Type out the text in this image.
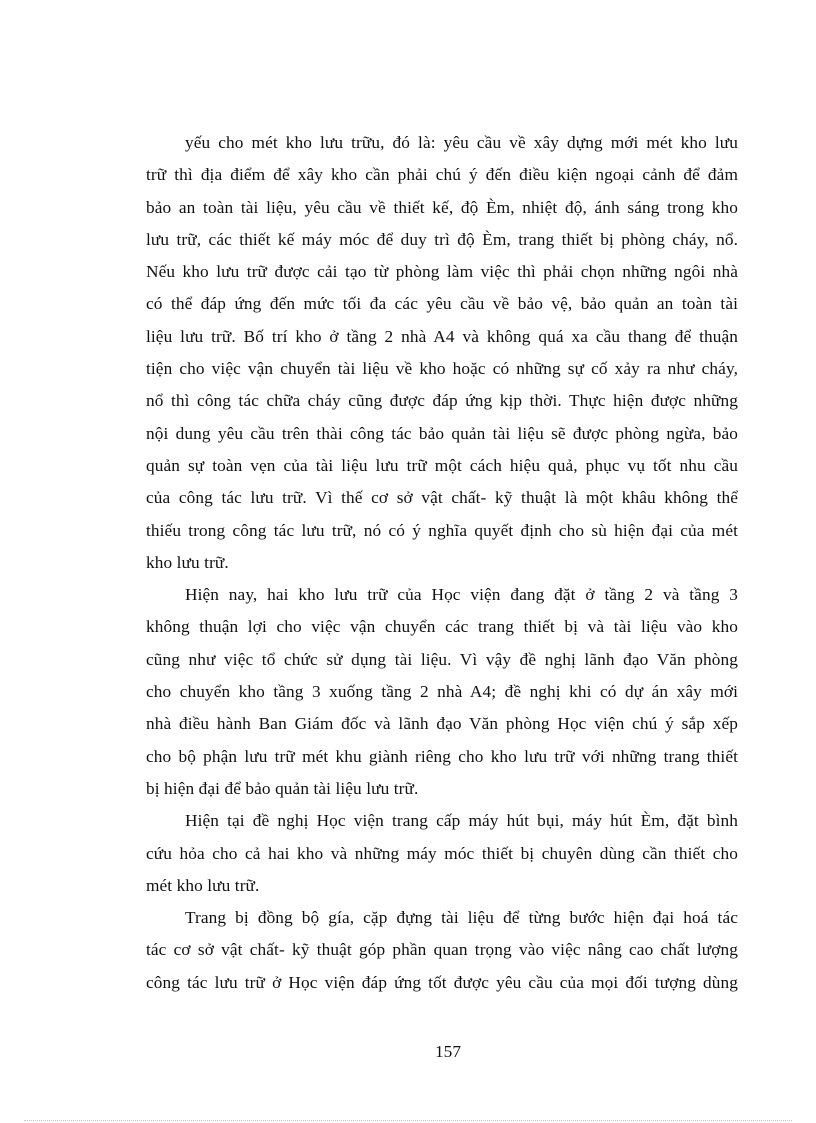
yếu cho mét kho lưu trữu, đó là: yêu cầu về xây dựng mới mét kho lưu
trữ thì địa điểm để xây kho cần phải chú ý đến điều kiện ngoại cảnh để đảm
bảo an toàn tài liệu, yêu cầu về thiết kế, độ Èm, nhiệt độ, ánh sáng trong kho
lưu trữ, các thiết kế máy móc để duy trì độ Èm, trang thiết bị phòng cháy, nổ.
Nếu kho lưu trữ được cải tạo từ phòng làm việc thì phải chọn những ngôi nhà
có thể đáp ứng đến mức tối đa các yêu cầu về bảo vệ, bảo quản an toàn tài
liệu lưu trữ. Bố trí kho ở tầng 2 nhà A4 và không quá xa cầu thang để thuận
tiện cho việc vận chuyển tài liệu về kho hoặc có những sự cố xảy ra như cháy,
nổ thì công tác chữa cháy cũng được đáp ứng kịp thời. Thực hiện được những
nội dung yêu cầu trên thài công tác bảo quản tài liệu sẽ được phòng ngừa, bảo
quản sự toàn vẹn của tài liệu lưu trữ một cách hiệu quả, phục vụ tốt nhu cầu
của công tác lưu trữ. Vì thế cơ sở vật chất- kỹ thuật là một khâu không thể
thiếu trong công tác lưu trữ, nó có ý nghĩa quyết định cho sù hiện đại của mét
kho lưu trữ.
Hiện nay, hai kho lưu trữ của Học viện đang đặt ở tầng 2 và tầng 3
không thuận lợi cho việc vận chuyển các trang thiết bị và tài liệu vào kho
cũng như việc tổ chức sử dụng tài liệu. Vì vậy đề nghị lãnh đạo Văn phòng
cho chuyển kho tầng 3 xuống tầng 2 nhà A4; đề nghị khi có dự án xây mới
nhà điều hành Ban Giám đốc và lãnh đạo Văn phòng Học viện chú ý sắp xếp
cho bộ phận lưu trữ mét khu giành riêng cho kho lưu trữ với những trang thiết
bị hiện đại để bảo quản tài liệu lưu trữ.
Hiện tại đề nghị Học viện trang cấp máy hút bụi, máy hút Èm, đặt bình
cứu hỏa cho cả hai kho và những máy móc thiết bị chuyên dùng cần thiết cho
mét kho lưu trữ.
Trang bị đồng bộ gía, cặp đựng tài liệu để từng bước hiện đại hoá tác
tác cơ sở vật chất- kỹ thuật góp phần quan trọng vào việc nâng cao chất lượng
công tác lưu trữ ở Học viện đáp ứng tốt được yêu cầu của mọi đối tượng dùng
157
